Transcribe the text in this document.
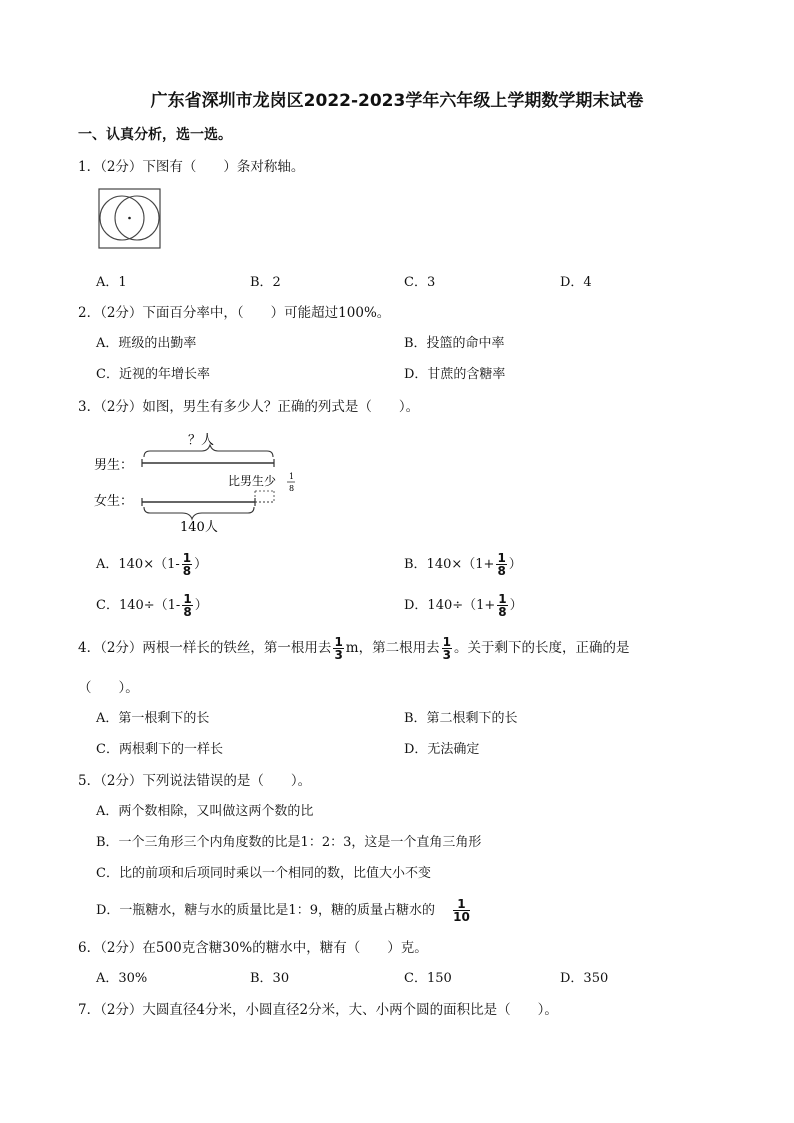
广东省深圳市龙岗区2022-2023学年六年级上学期数学期末试卷
一、认真分析，选一选。
1．（2分）下图有（　　）条对称轴。
A．1	B．2	C．3	D．4
2．（2分）下面百分率中，（　　）可能超过100%。
A．班级的出勤率	B．投篮的命中率
C．近视的年增长率	D．甘蔗的含糖率
3．（2分）如图，男生有多少人？正确的列式是（　　）。
？人
男生：
比男生少 1
8
女生：
140人
A．$140\times(1- \frac{1}{8}$ ）	B．$140\times(1+ \frac{1}{8}$ ）
C．$140\div(1- \frac{1}{8}$ ）	D．$140\div(1+ \frac{1}{8}$ ）
4．（2分）两根一样长的铁丝，第一根用去 $\frac{1}{3}$ m，第二根用去 $\frac{1}{3}$ 。关于剩下的长度，正确的是
（　　）。
A．第一根剩下的长	B．第二根剩下的长
C．两根剩下的一样长	D．无法确定
5．（2分）下列说法错误的是（　　）。
A．两个数相除，又叫做这两个数的比
B．一个三角形三个内角度数的比是1：2：3，这是一个直角三角形
C．比的前项和后项同时乘以一个相同的数，比值大小不变
D．一瓶糖水，糖与水的质量比是1：9，糖的质量占糖水的 $\frac{1}{10}$
6．（2分）在500克含糖30%的糖水中，糖有（　　）克。
A．30%	B．30	C．150	D．350
7．（2分）大圆直径4分米，小圆直径2分米，大、小两个圆的面积比是（　　）。
